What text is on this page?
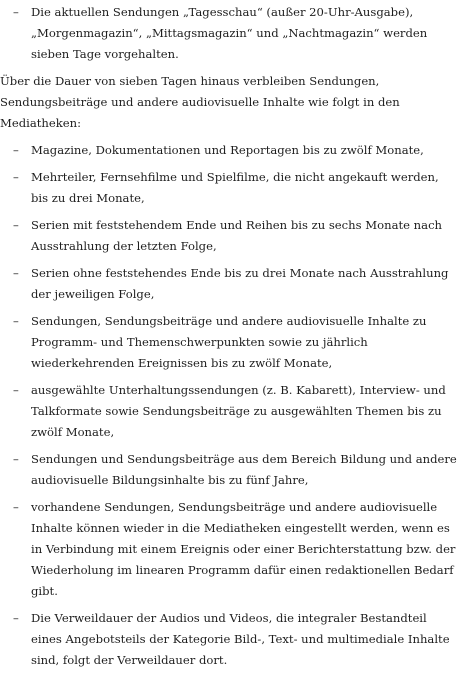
– Die aktuellen Sendungen „Tagesschau“ (außer 20-Uhr-Ausgabe), „Morgenmagazin“, „Mittagsmagazin“ und „Nachtmagazin“ werden sieben Tage vorgehalten.
Über die Dauer von sieben Tagen hinaus verbleiben Sendungen, Sendungsbeiträge und andere audiovisuelle Inhalte wie folgt in den Mediatheken:
– Magazine, Dokumentationen und Reportagen bis zu zwölf Monate,
– Mehrteiler, Fernsehfilme und Spielfilme, die nicht angekauft werden, bis zu drei Monate,
– Serien mit feststehendem Ende und Reihen bis zu sechs Monate nach Ausstrahlung der letzten Folge,
– Serien ohne feststehendes Ende bis zu drei Monate nach Ausstrahlung der jeweiligen Folge,
– Sendungen, Sendungsbeiträge und andere audiovisuelle Inhalte zu Programm- und Themenschwerpunkten sowie zu jährlich wiederkehrenden Ereignissen bis zu zwölf Monate,
– ausgewählte Unterhaltungssendungen (z. B. Kabarett), Interview- und Talkformate sowie Sendungsbeiträge zu ausgewählten Themen bis zu zwölf Monate,
– Sendungen und Sendungsbeiträge aus dem Bereich Bildung und andere audiovisuelle Bildungsinhalte bis zu fünf Jahre,
– vorhandene Sendungen, Sendungsbeiträge und andere audiovisuelle Inhalte können wieder in die Mediatheken eingestellt werden, wenn es in Verbindung mit einem Ereignis oder einer Berichterstattung bzw. der Wiederholung im linearen Programm dafür einen redaktionellen Bedarf gibt.
– Die Verweildauer der Audios und Videos, die integraler Bestandteil eines Angebotsteils der Kategorie Bild-, Text- und multimediale Inhalte sind, folgt der Verweildauer dort.
